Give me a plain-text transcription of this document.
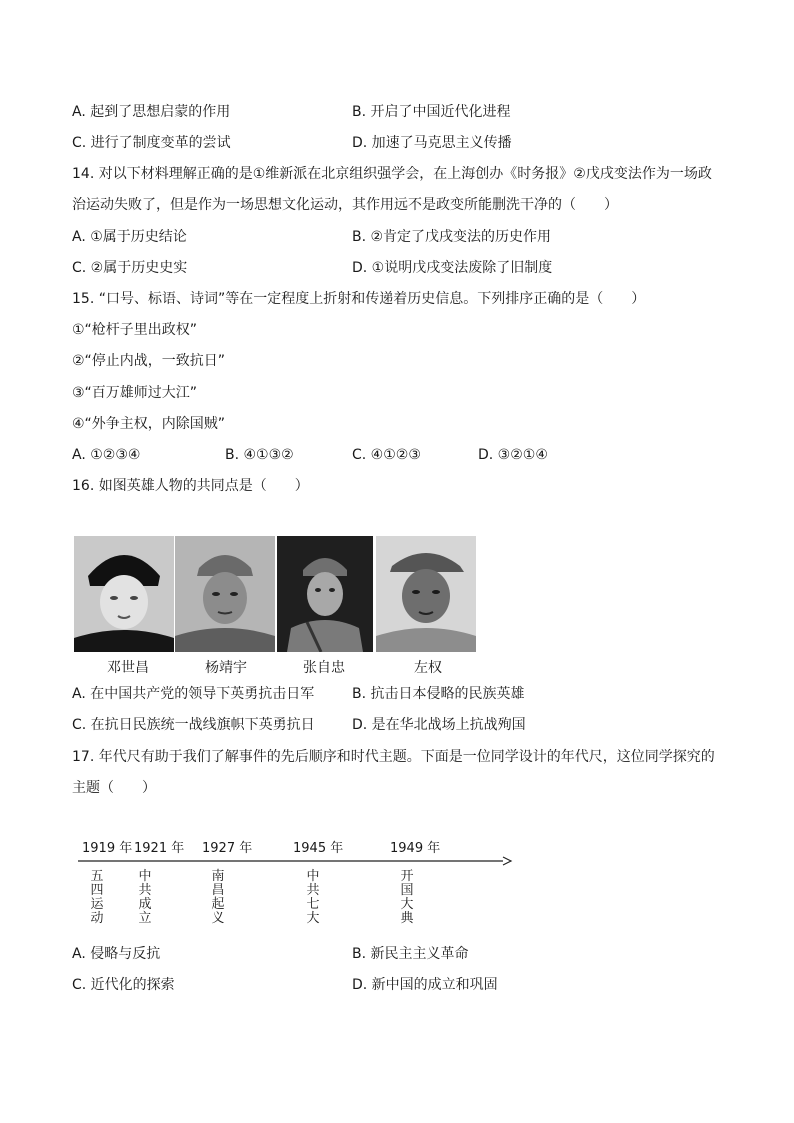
A. 起到了思想启蒙的作用	B. 开启了中国近代化进程
C. 进行了制度变革的尝试	D. 加速了马克思主义传播
14. 对以下材料理解正确的是①维新派在北京组织强学会，在上海创办《时务报》②戊戌变法作为一场政
治运动失败了，但是作为一场思想文化运动，其作用远不是政变所能删洗干净的（　　）
A. ①属于历史结论	B. ②肯定了戊戌变法的历史作用
C. ②属于历史史实	D. ①说明戊戌变法废除了旧制度
15. “口号、标语、诗词”等在一定程度上折射和传递着历史信息。下列排序正确的是（　　）
①“枪杆子里出政权”
②“停止内战，一致抗日”
③“百万雄师过大江”
④“外争主权，内除国贼”
A. ①②③④	B. ④①③②	C. ④①②③	D. ③②①④
16. 如图英雄人物的共同点是（　　）
邓世昌	杨靖宇	张自忠	左权
A. 在中国共产党的领导下英勇抗击日军	B. 抗击日本侵略的民族英雄
C. 在抗日民族统一战线旗帜下英勇抗日	D. 是在华北战场上抗战殉国
17. 年代尺有助于我们了解事件的先后顺序和时代主题。下面是一位同学设计的年代尺，这位同学探究的
主题（　　）
1919 年 1921 年 1927 年	1945 年	1949 年
五四运动
中共成立
南昌起义
中共七大
开国大典
A. 侵略与反抗	B. 新民主主义革命
C. 近代化的探索	D. 新中国的成立和巩固
